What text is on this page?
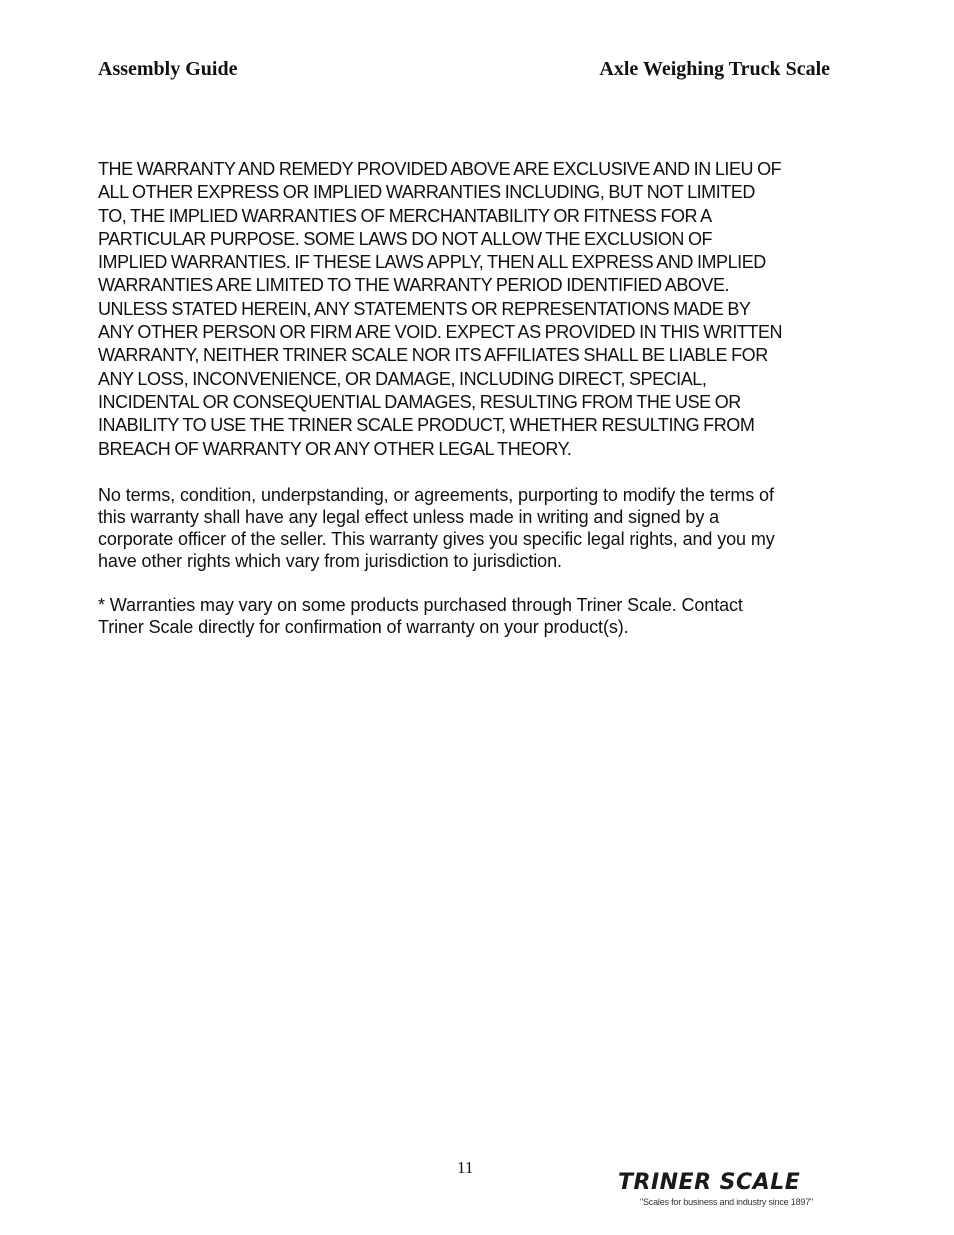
Assembly Guide	Axle Weighing Truck Scale
THE WARRANTY AND REMEDY PROVIDED ABOVE ARE EXCLUSIVE AND IN LIEU OF
ALL OTHER EXPRESS OR IMPLIED WARRANTIES INCLUDING, BUT NOT LIMITED
TO, THE IMPLIED WARRANTIES OF MERCHANTABILITY OR FITNESS FOR A
PARTICULAR PURPOSE. SOME LAWS DO NOT ALLOW THE EXCLUSION OF
IMPLIED WARRANTIES. IF THESE LAWS APPLY, THEN ALL EXPRESS AND IMPLIED
WARRANTIES ARE LIMITED TO THE WARRANTY PERIOD IDENTIFIED ABOVE.
UNLESS STATED HEREIN, ANY STATEMENTS OR REPRESENTATIONS MADE BY
ANY OTHER PERSON OR FIRM ARE VOID. EXPECT AS PROVIDED IN THIS WRITTEN
WARRANTY, NEITHER TRINER SCALE NOR ITS AFFILIATES SHALL BE LIABLE FOR
ANY LOSS, INCONVENIENCE, OR DAMAGE, INCLUDING DIRECT, SPECIAL,
INCIDENTAL OR CONSEQUENTIAL DAMAGES, RESULTING FROM THE USE OR
INABILITY TO USE THE TRINER SCALE PRODUCT, WHETHER RESULTING FROM
BREACH OF WARRANTY OR ANY OTHER LEGAL THEORY.
No terms, condition, underpstanding, or agreements, purporting to modify the terms of
this warranty shall have any legal effect unless made in writing and signed by a
corporate officer of the seller. This warranty gives you specific legal rights, and you my
have other rights which vary from jurisdiction to jurisdiction.
* Warranties may vary on some products purchased through Triner Scale. Contact
Triner Scale directly for confirmation of warranty on your product(s).
11
TRINER SCALE
"Scales for business and industry since 1897"
